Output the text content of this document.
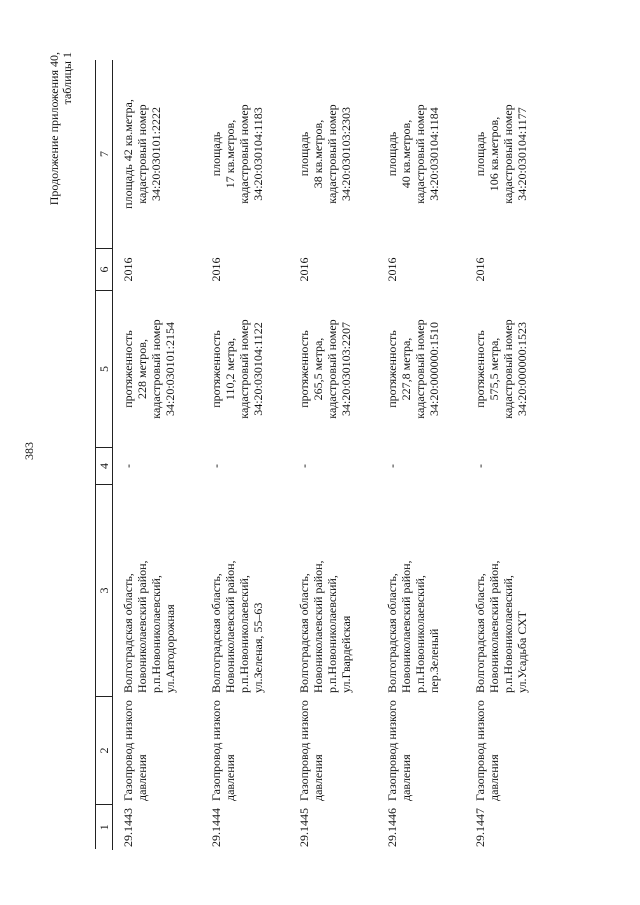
383
Продолжение приложения 40, таблицы 1
1	2	3	4	5	6	7
29.1443	Газопровод низкого давления	Волгоградская область, Новониколаевский район, р.п.Новониколаевский, ул.Автодорожная	-	протяженность 228 метров, кадастровый номер 34:20:030101:2154	2016	площадь 42 кв.метра, кадастровый номер 34:20:030101:2222

29.1444	Газопровод низкого давления	Волгоградская область, Новониколаевский район, р.п.Новониколаевский, ул.Зеленая, 55–63	-	протяженность 110,2 метра, кадастровый номер 34:20:030104:1122	2016	площадь 17 кв.метров, кадастровый номер 34:20:030104:1183

29.1445	Газопровод низкого давления	Волгоградская область, Новониколаевский район, р.п.Новониколаевский, ул.Гвардейская	-	протяженность 265,5 метра, кадастровый номер 34:20:030103:2207	2016	площадь 38 кв.метров, кадастровый номер 34:20:030103:2303

29.1446	Газопровод низкого давления	Волгоградская область, Новониколаевский район, р.п.Новониколаевский, пер.Зеленый	-	протяженность 227,8 метра, кадастровый номер 34:20:000000:1510	2016	площадь 40 кв.метров, кадастровый номер 34:20:030104:1184

29.1447	Газопровод низкого давления	Волгоградская область, Новониколаевский район, р.п.Новониколаевский, ул.Усадьба СХТ	-	протяженность 575,5 метра, кадастровый номер 34:20:000000:1523	2016	площадь 106 кв.метров, кадастровый номер 34:20:030104:1177
